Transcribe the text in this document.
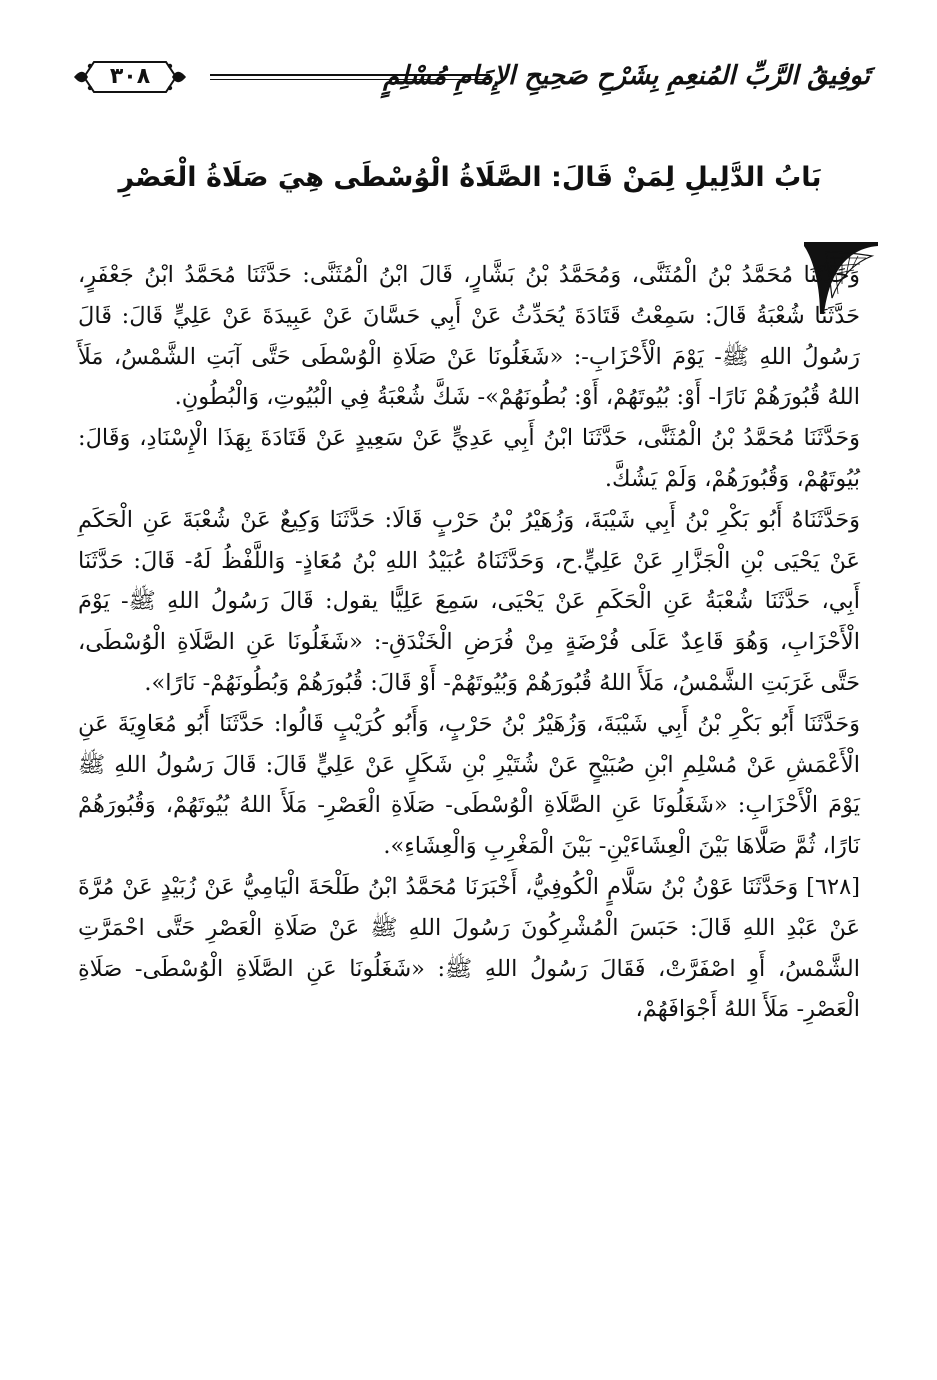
تَوفِيقُ الرَّبِّ المُنعِمِ بِشَرْحِ صَحِيحِ الإِمَامِ مُسْلِمٍ
٣٠٨
بَابُ الدَّلِيلِ لِمَنْ قَالَ: الصَّلَاةُ الْوُسْطَى هِيَ صَلَاةُ الْعَصْرِ

وَحَدَّثَنَا مُحَمَّدُ بْنُ الْمُثَنَّى، وَمُحَمَّدُ بْنُ بَشَّارٍ، قَالَ ابْنُ الْمُثَنَّى: حَدَّثَنَا مُحَمَّدُ ابْنُ جَعْفَرٍ، حَدَّثَنَا شُعْبَةُ قَالَ: سَمِعْتُ قَتَادَةَ يُحَدِّثُ عَنْ أَبِي حَسَّانَ عَنْ عَبِيدَةَ عَنْ عَلِيٍّ قَالَ: قَالَ رَسُولُ اللهِ ﷺ- يَوْمَ الْأَحْزَابِ-: «شَغَلُونَا عَنْ صَلَاةِ الْوُسْطَى حَتَّى آبَتِ الشَّمْسُ، مَلَأَ اللهُ قُبُورَهُمْ نَارًا- أَوْ: بُيُوتَهُمْ، أَوْ: بُطُونَهُمْ»- شَكَّ شُعْبَةُ فِي الْبُيُوتِ، وَالْبُطُونِ.

وَحَدَّثَنَا مُحَمَّدُ بْنُ الْمُثَنَّى، حَدَّثَنَا ابْنُ أَبِي عَدِيٍّ عَنْ سَعِيدٍ عَنْ قَتَادَةَ بِهَذَا الْإِسْنَادِ، وَقَالَ: بُيُوتَهُمْ، وَقُبُورَهُمْ، وَلَمْ يَشُكَّ.

وَحَدَّثَنَاهُ أَبُو بَكْرِ بْنُ أَبِي شَيْبَةَ، وَزُهَيْرُ بْنُ حَرْبٍ قَالَا: حَدَّثَنَا وَكِيعٌ عَنْ شُعْبَةَ عَنِ الْحَكَمِ عَنْ يَحْيَى بْنِ الْجَزَّارِ عَنْ عَلِيٍّ.ح، وَحَدَّثَنَاهُ عُبَيْدُ اللهِ بْنُ مُعَاذٍ- وَاللَّفْظُ لَهُ- قَالَ: حَدَّثَنَا أَبِي، حَدَّثَنَا شُعْبَةُ عَنِ الْحَكَمِ عَنْ يَحْيَى، سَمِعَ عَلِيًّا يقول: قَالَ رَسُولُ اللهِ ﷺ- يَوْمَ الْأَحْزَابِ، وَهُوَ قَاعِدٌ عَلَى فُرْضَةٍ مِنْ فُرَضِ الْخَنْدَقِ-: «شَغَلُونَا عَنِ الصَّلَاةِ الْوُسْطَى، حَتَّى غَرَبَتِ الشَّمْسُ، مَلَأَ اللهُ قُبُورَهُمْ وَبُيُوتَهُمْ- أَوْ قَالَ: قُبُورَهُمْ وَبُطُونَهُمْ- نَارًا».

وَحَدَّثَنَا أَبُو بَكْرِ بْنُ أَبِي شَيْبَةَ، وَزُهَيْرُ بْنُ حَرْبٍ، وَأَبُو كُرَيْبٍ قَالُوا: حَدَّثَنَا أَبُو مُعَاوِيَةَ عَنِ الْأَعْمَشِ عَنْ مُسْلِمِ ابْنِ صُبَيْحٍ عَنْ شُتَيْرِ بْنِ شَكَلٍ عَنْ عَلِيٍّ قَالَ: قَالَ رَسُولُ اللهِ ﷺ يَوْمَ الْأَحْزَابِ: «شَغَلُونَا عَنِ الصَّلَاةِ الْوُسْطَى- صَلَاةِ الْعَصْرِ- مَلَأَ اللهُ بُيُوتَهُمْ، وَقُبُورَهُمْ نَارًا، ثُمَّ صَلَّاهَا بَيْنَ الْعِشَاءَيْنِ- بَيْنَ الْمَغْرِبِ وَالْعِشَاءِ».

[٦٢٨] وَحَدَّثَنَا عَوْنُ بْنُ سَلَّامٍ الْكُوفِيُّ، أَخْبَرَنَا مُحَمَّدُ ابْنُ طَلْحَةَ الْيَامِيُّ عَنْ زُبَيْدٍ عَنْ مُرَّةَ عَنْ عَبْدِ اللهِ قَالَ: حَبَسَ الْمُشْرِكُونَ رَسُولَ اللهِ ﷺ عَنْ صَلَاةِ الْعَصْرِ حَتَّى احْمَرَّتِ الشَّمْسُ، أَوِ اصْفَرَّتْ، فَقَالَ رَسُولُ اللهِ ﷺ: «شَغَلُونَا عَنِ الصَّلَاةِ الْوُسْطَى- صَلَاةِ الْعَصْرِ- مَلَأَ اللهُ أَجْوَافَهُمْ،
